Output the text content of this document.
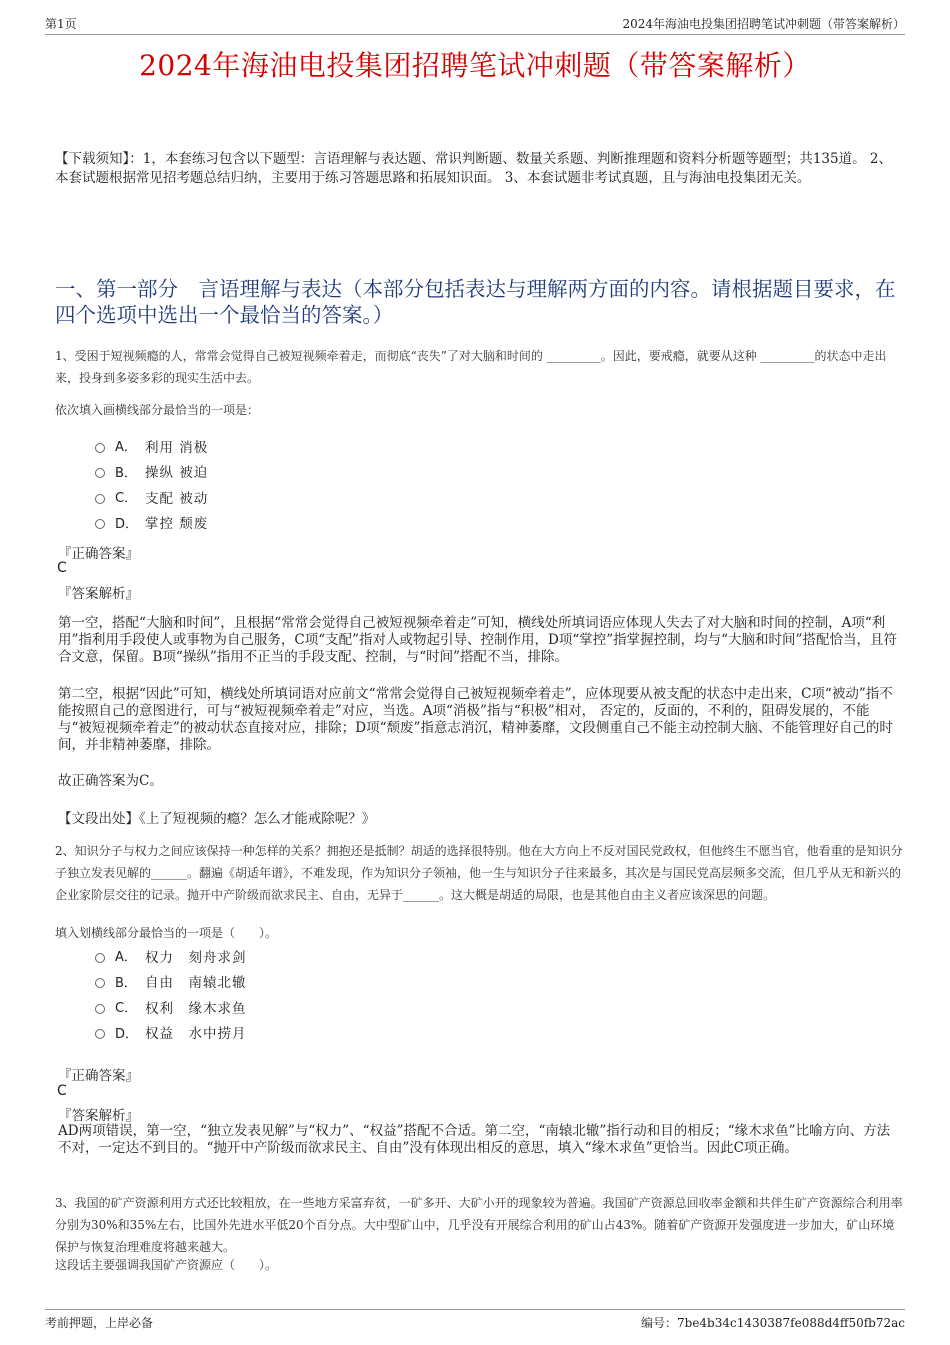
第1页	2024年海油电投集团招聘笔试冲刺题（带答案解析）
2024年海油电投集团招聘笔试冲刺题（带答案解析）
【下载须知】：1，本套练习包含以下题型：言语理解与表达题、常识判断题、数量关系题、判断推理题和资料分析题等题型；共135道。 2、本套试题根据常见招考题总结归纳，主要用于练习答题思路和拓展知识面。 3、本套试题非考试真题，且与海油电投集团无关。
一、第一部分　言语理解与表达（本部分包括表达与理解两方面的内容。请根据题目要求，在四个选项中选出一个最恰当的答案。）
1、受困于短视频瘾的人，常常会觉得自己被短视频牵着走，而彻底“丧失”了对大脑和时间的 _________。因此，要戒瘾，就要从这种 _________的状态中走出来，投身到多姿多彩的现实生活中去。
依次填入画横线部分最恰当的一项是：
A． 利用 消极
B． 操纵 被迫
C． 支配 被动
D． 掌控 颓废
『正确答案』
C
『答案解析』
第一空，搭配“大脑和时间”，且根据“常常会觉得自己被短视频牵着走”可知，横线处所填词语应体现人失去了对大脑和时间的控制，A项“利用”指利用手段使人或事物为自己服务，C项“支配”指对人或物起引导、控制作用，D项“掌控”指掌握控制，均与“大脑和时间”搭配恰当，且符合文意，保留。B项“操纵”指用不正当的手段支配、控制，与“时间”搭配不当，排除。
第二空，根据“因此”可知，横线处所填词语对应前文“常常会觉得自己被短视频牵着走”，应体现要从被支配的状态中走出来，C项“被动”指不能按照自己的意图进行，可与“被短视频牵着走”对应，当选。A项“消极”指与“积极”相对， 否定的，反面的，不利的，阻碍发展的，不能与“被短视频牵着走”的被动状态直接对应，排除；D项“颓废”指意志消沉，精神萎靡，文段侧重自己不能主动控制大脑、不能管理好自己的时间，并非精神萎靡，排除。
故正确答案为C。
【文段出处】《上了短视频的瘾？怎么才能戒除呢？》
2、知识分子与权力之间应该保持一种怎样的关系？拥抱还是抵制？胡适的选择很特别。他在大方向上不反对国民党政权，但他终生不愿当官，他看重的是知识分子独立发表见解的______。翻遍《胡适年谱》，不难发现，作为知识分子领袖，他一生与知识分子往来最多，其次是与国民党高层频多交流，但几乎从无和新兴的企业家阶层交往的记录。抛开中产阶级而欲求民主、自由，无异于______。这大概是胡适的局限，也是其他自由主义者应该深思的问题。
填入划横线部分最恰当的一项是（　　）。
A． 权力　刻舟求剑
B． 自由　南辕北辙
C． 权利　缘木求鱼
D． 权益　水中捞月
『正确答案』
C
『答案解析』
AD两项错误，第一空，“独立发表见解”与“权力”、“权益”搭配不合适。第二空，“南辕北辙”指行动和目的相反；“缘木求鱼”比喻方向、方法不对，一定达不到目的。“抛开中产阶级而欲求民主、自由”没有体现出相反的意思，填入“缘木求鱼”更恰当。因此C项正确。
3、我国的矿产资源利用方式还比较粗放，在一些地方采富弃贫，一矿多开、大矿小开的现象较为普遍。我国矿产资源总回收率金额和共伴生矿产资源综合利用率分别为30%和35%左右，比国外先进水平低20个百分点。大中型矿山中，几乎没有开展综合利用的矿山占43%。随着矿产资源开发强度进一步加大，矿山环境保护与恢复治理难度将越来越大。
这段话主要强调我国矿产资源应（　　）。
考前押题，上岸必备	编号：7be4b34c1430387fe088d4ff50fb72ac
